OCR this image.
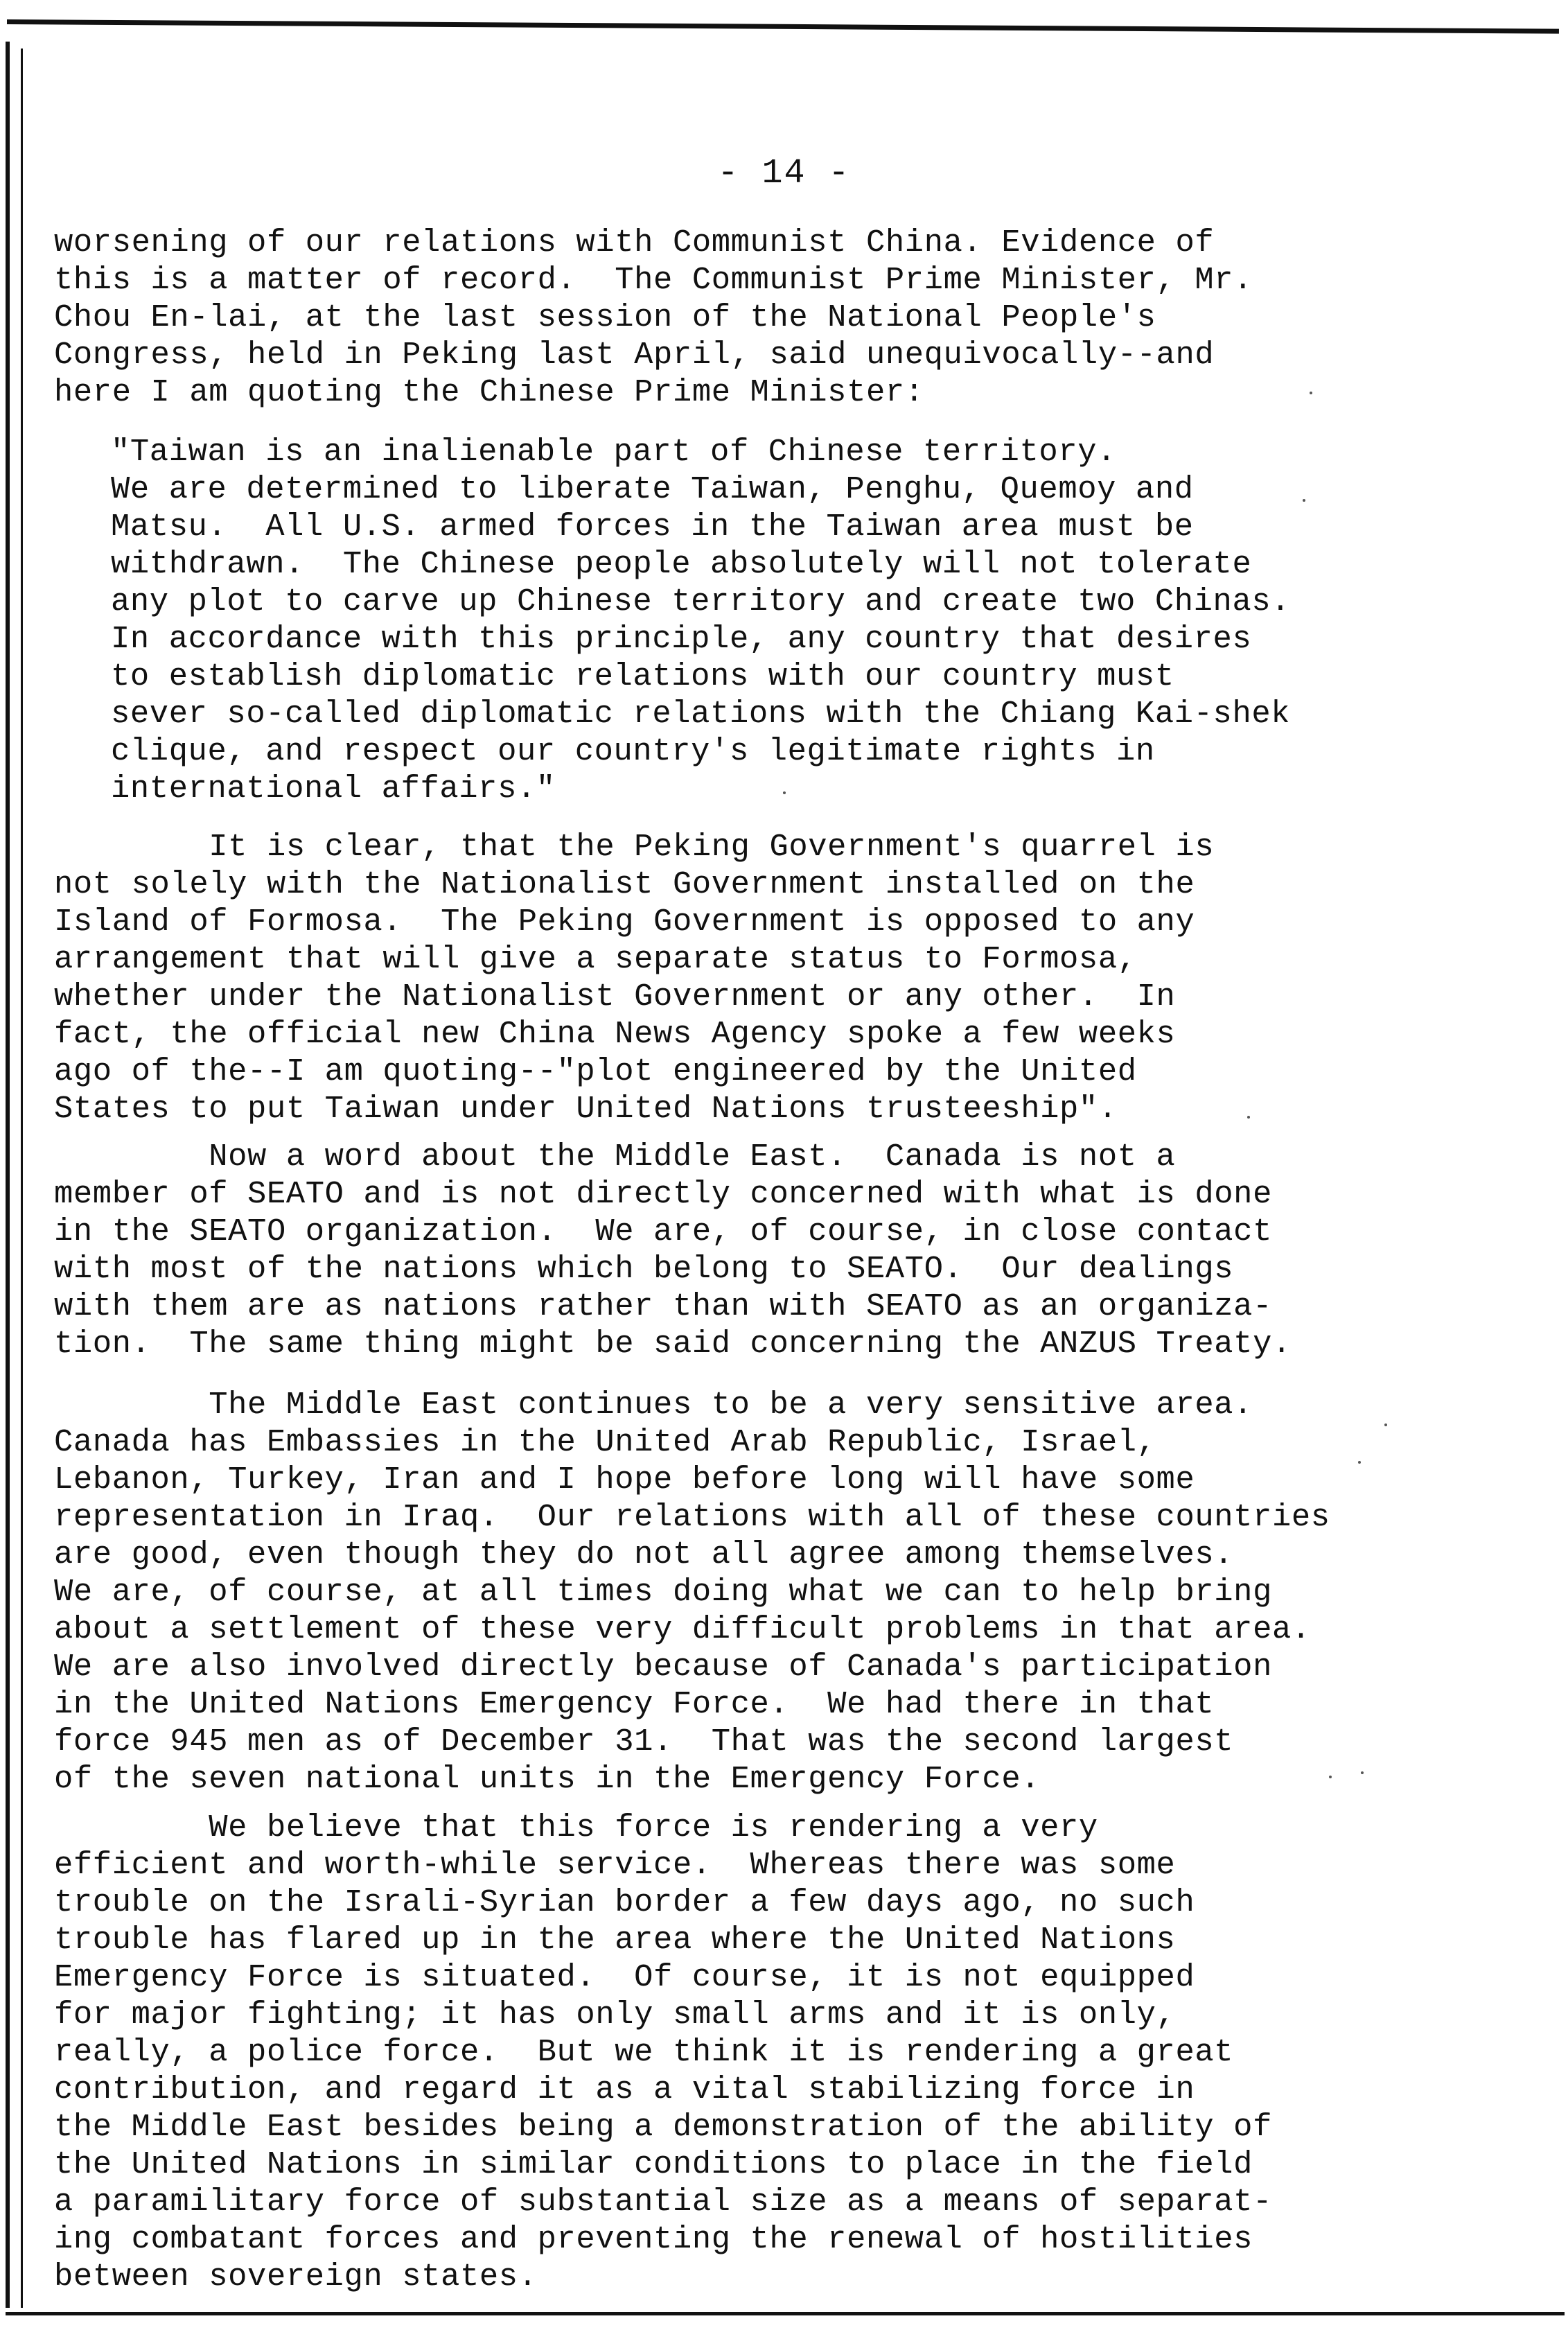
- 14 -

worsening of our relations with Communist China. Evidence of
this is a matter of record.  The Communist Prime Minister, Mr.
Chou En-lai, at the last session of the National People's
Congress, held in Peking last April, said unequivocally--and
here I am quoting the Chinese Prime Minister:

"Taiwan is an inalienable part of Chinese territory.
We are determined to liberate Taiwan, Penghu, Quemoy and
Matsu.  All U.S. armed forces in the Taiwan area must be
withdrawn.  The Chinese people absolutely will not tolerate
any plot to carve up Chinese territory and create two Chinas.
In accordance with this principle, any country that desires
to establish diplomatic relations with our country must
sever so-called diplomatic relations with the Chiang Kai-shek
clique, and respect our country's legitimate rights in
international affairs."

It is clear, that the Peking Government's quarrel is
not solely with the Nationalist Government installed on the
Island of Formosa.  The Peking Government is opposed to any
arrangement that will give a separate status to Formosa,
whether under the Nationalist Government or any other.  In
fact, the official new China News Agency spoke a few weeks
ago of the--I am quoting--"plot engineered by the United
States to put Taiwan under United Nations trusteeship".

Now a word about the Middle East.  Canada is not a
member of SEATO and is not directly concerned with what is done
in the SEATO organization.  We are, of course, in close contact
with most of the nations which belong to SEATO.  Our dealings
with them are as nations rather than with SEATO as an organiza-
tion.  The same thing might be said concerning the ANZUS Treaty.

The Middle East continues to be a very sensitive area.
Canada has Embassies in the United Arab Republic, Israel,
Lebanon, Turkey, Iran and I hope before long will have some
representation in Iraq.  Our relations with all of these countries
are good, even though they do not all agree among themselves.
We are, of course, at all times doing what we can to help bring
about a settlement of these very difficult problems in that area.
We are also involved directly because of Canada's participation
in the United Nations Emergency Force.  We had there in that
force 945 men as of December 31.  That was the second largest
of the seven national units in the Emergency Force.

We believe that this force is rendering a very
efficient and worth-while service.  Whereas there was some
trouble on the Israli-Syrian border a few days ago, no such
trouble has flared up in the area where the United Nations
Emergency Force is situated.  Of course, it is not equipped
for major fighting; it has only small arms and it is only,
really, a police force.  But we think it is rendering a great
contribution, and regard it as a vital stabilizing force in
the Middle East besides being a demonstration of the ability of
the United Nations in similar conditions to place in the field
a paramilitary force of substantial size as a means of separat-
ing combatant forces and preventing the renewal of hostilities
between sovereign states.
